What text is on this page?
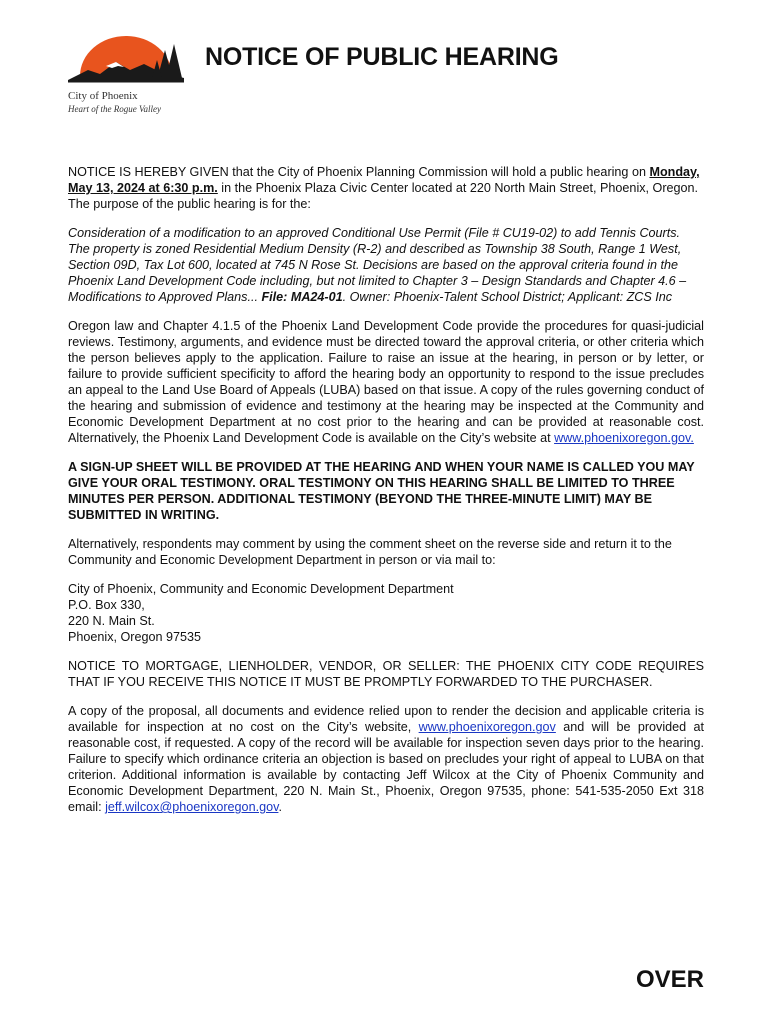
City of Phoenix
Heart of the Rogue Valley
NOTICE OF PUBLIC HEARING

NOTICE IS HEREBY GIVEN that the City of Phoenix Planning Commission will hold a public hearing on Monday, May 13, 2024 at 6:30 p.m. in the Phoenix Plaza Civic Center located at 220 North Main Street, Phoenix, Oregon. The purpose of the public hearing is for the:

Consideration of a modification to an approved Conditional Use Permit (File # CU19-02) to add Tennis Courts. The property is zoned Residential Medium Density (R-2) and described as Township 38 South, Range 1 West, Section 09D, Tax Lot 600, located at 745 N Rose St. Decisions are based on the approval criteria found in the Phoenix Land Development Code including, but not limited to Chapter 3 – Design Standards and Chapter 4.6 – Modifications to Approved Plans... File: MA24-01. Owner: Phoenix-Talent School District; Applicant: ZCS Inc

Oregon law and Chapter 4.1.5 of the Phoenix Land Development Code provide the procedures for quasi-judicial reviews. Testimony, arguments, and evidence must be directed toward the approval criteria, or other criteria which the person believes apply to the application. Failure to raise an issue at the hearing, in person or by letter, or failure to provide sufficient specificity to afford the hearing body an opportunity to respond to the issue precludes an appeal to the Land Use Board of Appeals (LUBA) based on that issue. A copy of the rules governing conduct of the hearing and submission of evidence and testimony at the hearing may be inspected at the Community and Economic Development Department at no cost prior to the hearing and can be provided at reasonable cost. Alternatively, the Phoenix Land Development Code is available on the City’s website at www.phoenixoregon.gov.

A SIGN-UP SHEET WILL BE PROVIDED AT THE HEARING AND WHEN YOUR NAME IS CALLED YOU MAY GIVE YOUR ORAL TESTIMONY. ORAL TESTIMONY ON THIS HEARING SHALL BE LIMITED TO THREE MINUTES PER PERSON. ADDITIONAL TESTIMONY (BEYOND THE THREE-MINUTE LIMIT) MAY BE SUBMITTED IN WRITING.

Alternatively, respondents may comment by using the comment sheet on the reverse side and return it to the Community and Economic Development Department in person or via mail to:

City of Phoenix, Community and Economic Development Department
P.O. Box 330,
220 N. Main St.
Phoenix, Oregon 97535

NOTICE TO MORTGAGE, LIENHOLDER, VENDOR, OR SELLER: THE PHOENIX CITY CODE REQUIRES THAT IF YOU RECEIVE THIS NOTICE IT MUST BE PROMPTLY FORWARDED TO THE PURCHASER.

A copy of the proposal, all documents and evidence relied upon to render the decision and applicable criteria is available for inspection at no cost on the City’s website, www.phoenixoregon.gov and will be provided at reasonable cost, if requested. A copy of the record will be available for inspection seven days prior to the hearing. Failure to specify which ordinance criteria an objection is based on precludes your right of appeal to LUBA on that criterion. Additional information is available by contacting Jeff Wilcox at the City of Phoenix Community and Economic Development Department, 220 N. Main St., Phoenix, Oregon 97535, phone: 541-535-2050 Ext 318 email: jeff.wilcox@phoenixoregon.gov.

OVER
